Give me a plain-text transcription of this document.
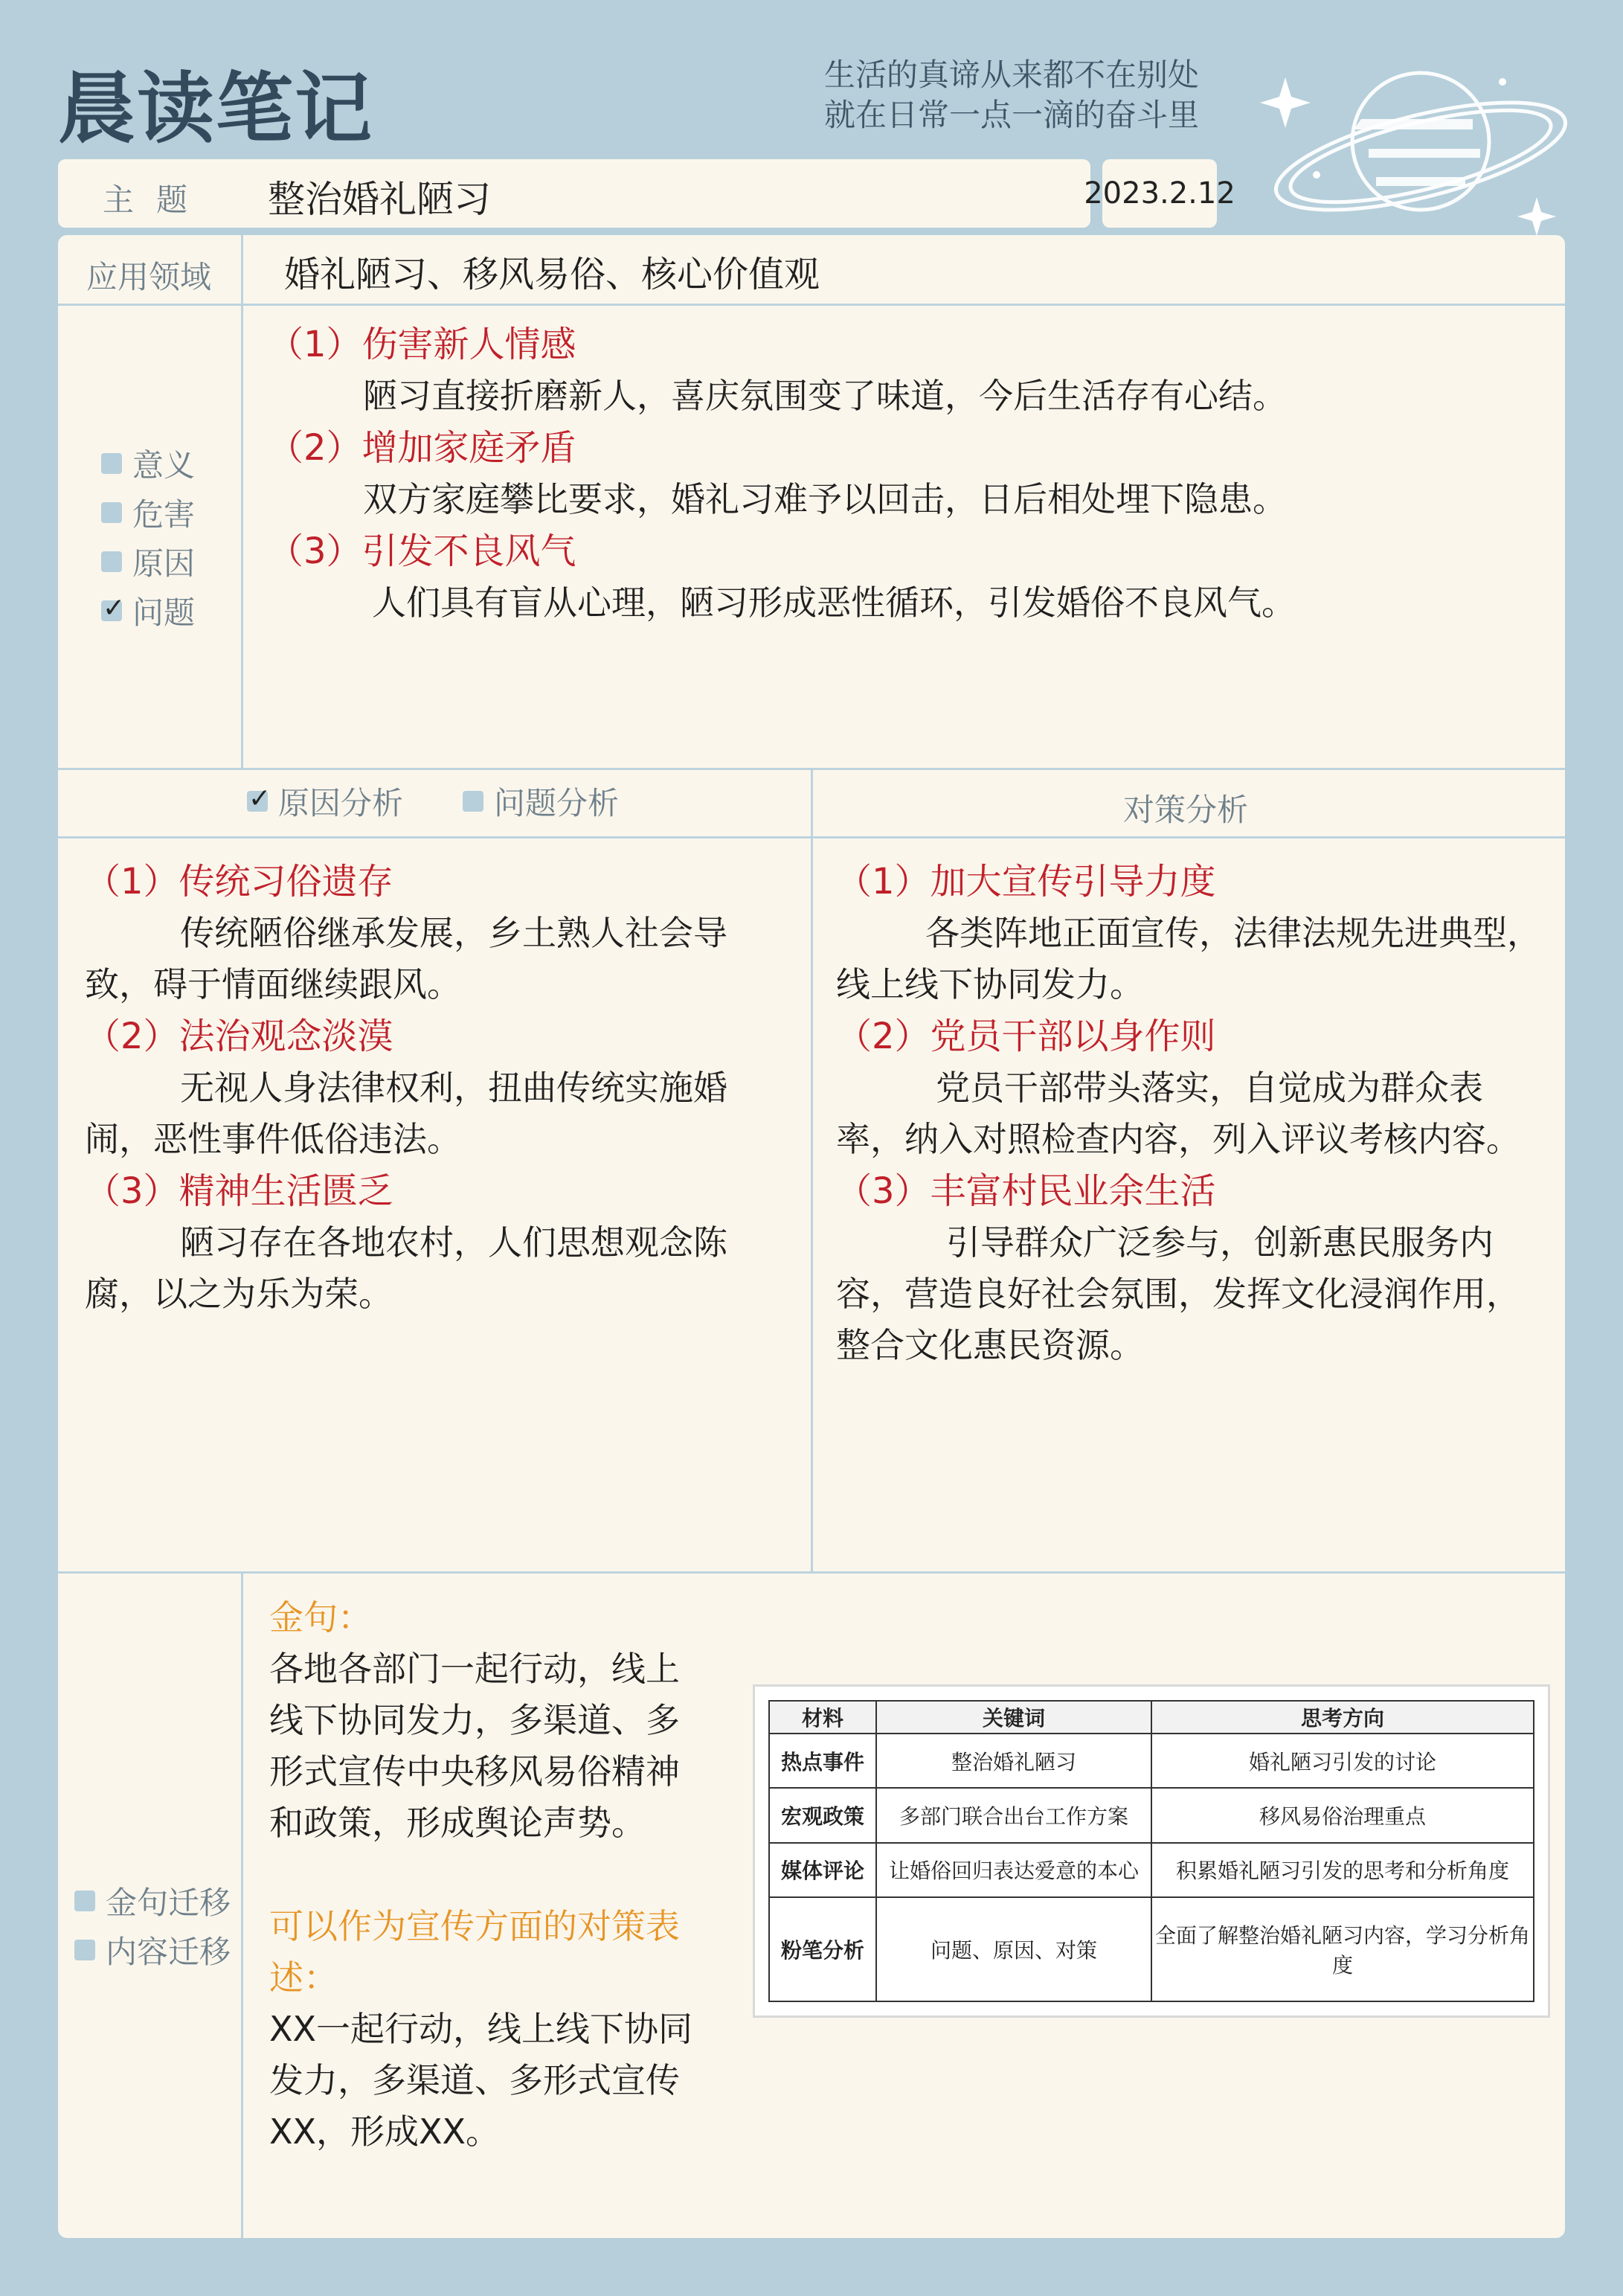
晨读笔记	生活的真谛从来都不在别处
就在日常一点一滴的奋斗里
主题 整治婚礼陋习	2023.2.12
应用领域 婚礼陋习、移风易俗、核心价值观
意义
危害
原因
✓
问题
（1）伤害新人情感
陋习直接折磨新人，喜庆氛围变了味道，今后生活存有心结。
（2）增加家庭矛盾
双方家庭攀比要求，婚礼习难予以回击，日后相处埋下隐患。
（3）引发不良风气
人们具有盲从心理，陋习形成恶性循环，引发婚俗不良风气。
✓
原因分析	问题分析	对策分析
（1）传统习俗遗存
传统陋俗继承发展，乡土熟人社会导致，碍于情面继续跟风。
（2）法治观念淡漠
无视人身法律权利，扭曲传统实施婚闹，恶性事件低俗违法。
（3）精神生活匮乏
陋习存在各地农村，人们思想观念陈腐，以之为乐为荣。
（1）加大宣传引导力度
各类阵地正面宣传，法律法规先进典型，线上线下协同发力。
（2）党员干部以身作则
党员干部带头落实，自觉成为群众表率，纳入对照检查内容，列入评议考核内容。
（3）丰富村民业余生活
引导群众广泛参与，创新惠民服务内容，营造良好社会氛围，发挥文化浸润作用，整合文化惠民资源。
金句迁移
内容迁移
金句：
各地各部门一起行动，线上线下协同发力，多渠道、多形式宣传中央移风易俗精神和政策，形成舆论声势。
可以作为宣传方面的对策表述：
XX一起行动，线上线下协同发力，多渠道、多形式宣传XX，形成XX。
材料	关键词	思考方向
热点事件	整治婚礼陋习	婚礼陋习引发的讨论
宏观政策	多部门联合出台工作方案	移风易俗治理重点
媒体评论	让婚俗回归表达爱意的本心	积累婚礼陋习引发的思考和分析角度
粉笔分析	问题、原因、对策	全面了解整治婚礼陋习内容，学习分析角度
